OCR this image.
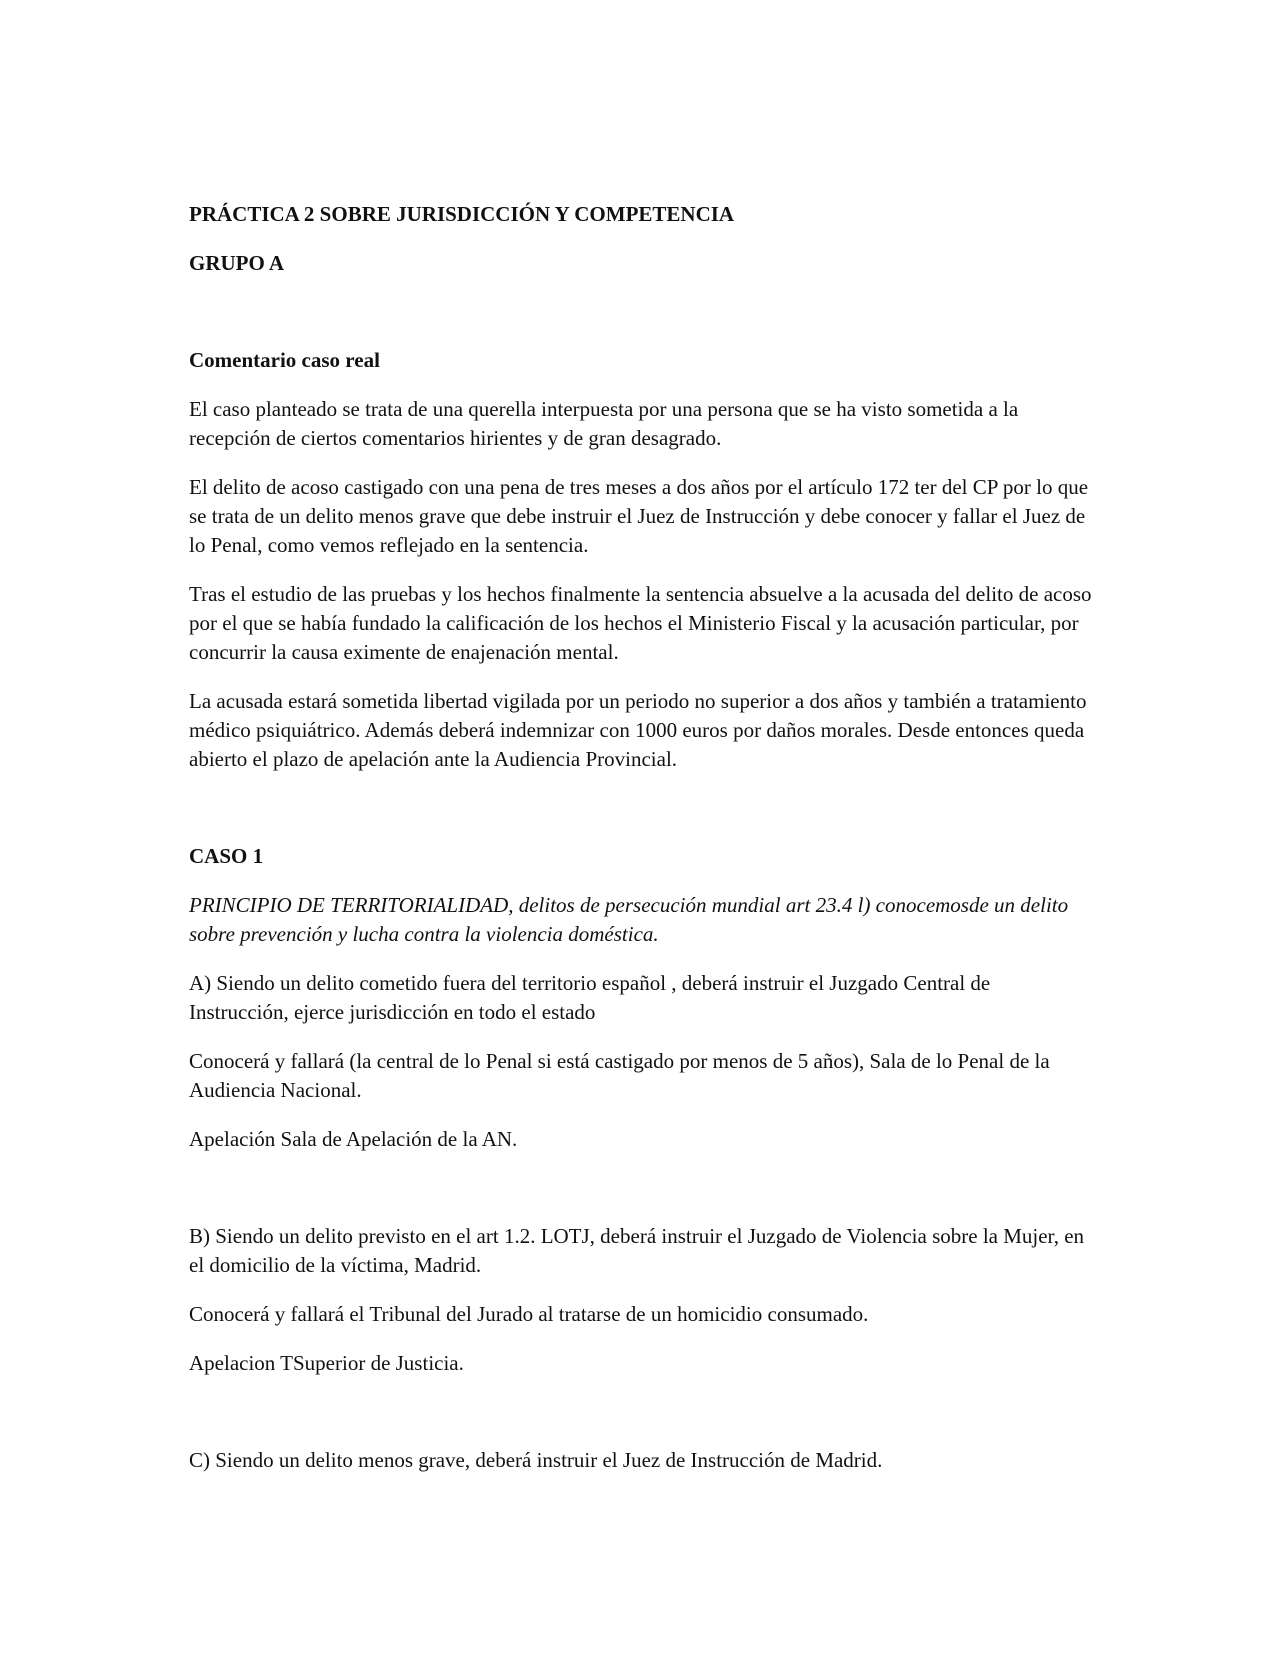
PRÁCTICA 2 SOBRE JURISDICCIÓN Y COMPETENCIA

GRUPO A

Comentario caso real

El caso planteado se trata de una querella interpuesta por una persona que se ha visto sometida a la recepción de ciertos comentarios hirientes y de gran desagrado.

El delito de acoso castigado con una pena de tres meses a dos años por el artículo 172 ter del CP por lo que se trata de un delito menos grave que debe instruir el Juez de Instrucción y debe conocer y fallar el Juez de lo Penal, como vemos reflejado en la sentencia.

Tras el estudio de las pruebas y los hechos finalmente la sentencia absuelve a la acusada del delito de acoso por el que se había fundado la calificación de los hechos el Ministerio Fiscal y la acusación particular, por concurrir la causa eximente de enajenación mental.

La acusada estará sometida libertad vigilada por un periodo no superior a dos años y también a tratamiento médico psiquiátrico. Además deberá indemnizar con 1000 euros por daños morales. Desde entonces queda abierto el plazo de apelación ante la Audiencia Provincial.

CASO 1

PRINCIPIO DE TERRITORIALIDAD, delitos de persecución mundial art 23.4 l) conocemosde un delito sobre prevención y lucha contra la violencia doméstica.

A) Siendo un delito cometido fuera del territorio español , deberá instruir el Juzgado Central de Instrucción, ejerce jurisdicción en todo el estado

Conocerá y fallará (la central de lo Penal si está castigado por menos de 5 años), Sala de lo Penal de la Audiencia Nacional.

Apelación Sala de Apelación de la AN.

B) Siendo un delito previsto en el art 1.2. LOTJ, deberá instruir el Juzgado de Violencia sobre la Mujer, en el domicilio de la víctima, Madrid.

Conocerá y fallará el Tribunal del Jurado al tratarse de un homicidio consumado.

Apelacion TSuperior de Justicia.

C) Siendo un delito menos grave, deberá instruir el Juez de Instrucción de Madrid.
